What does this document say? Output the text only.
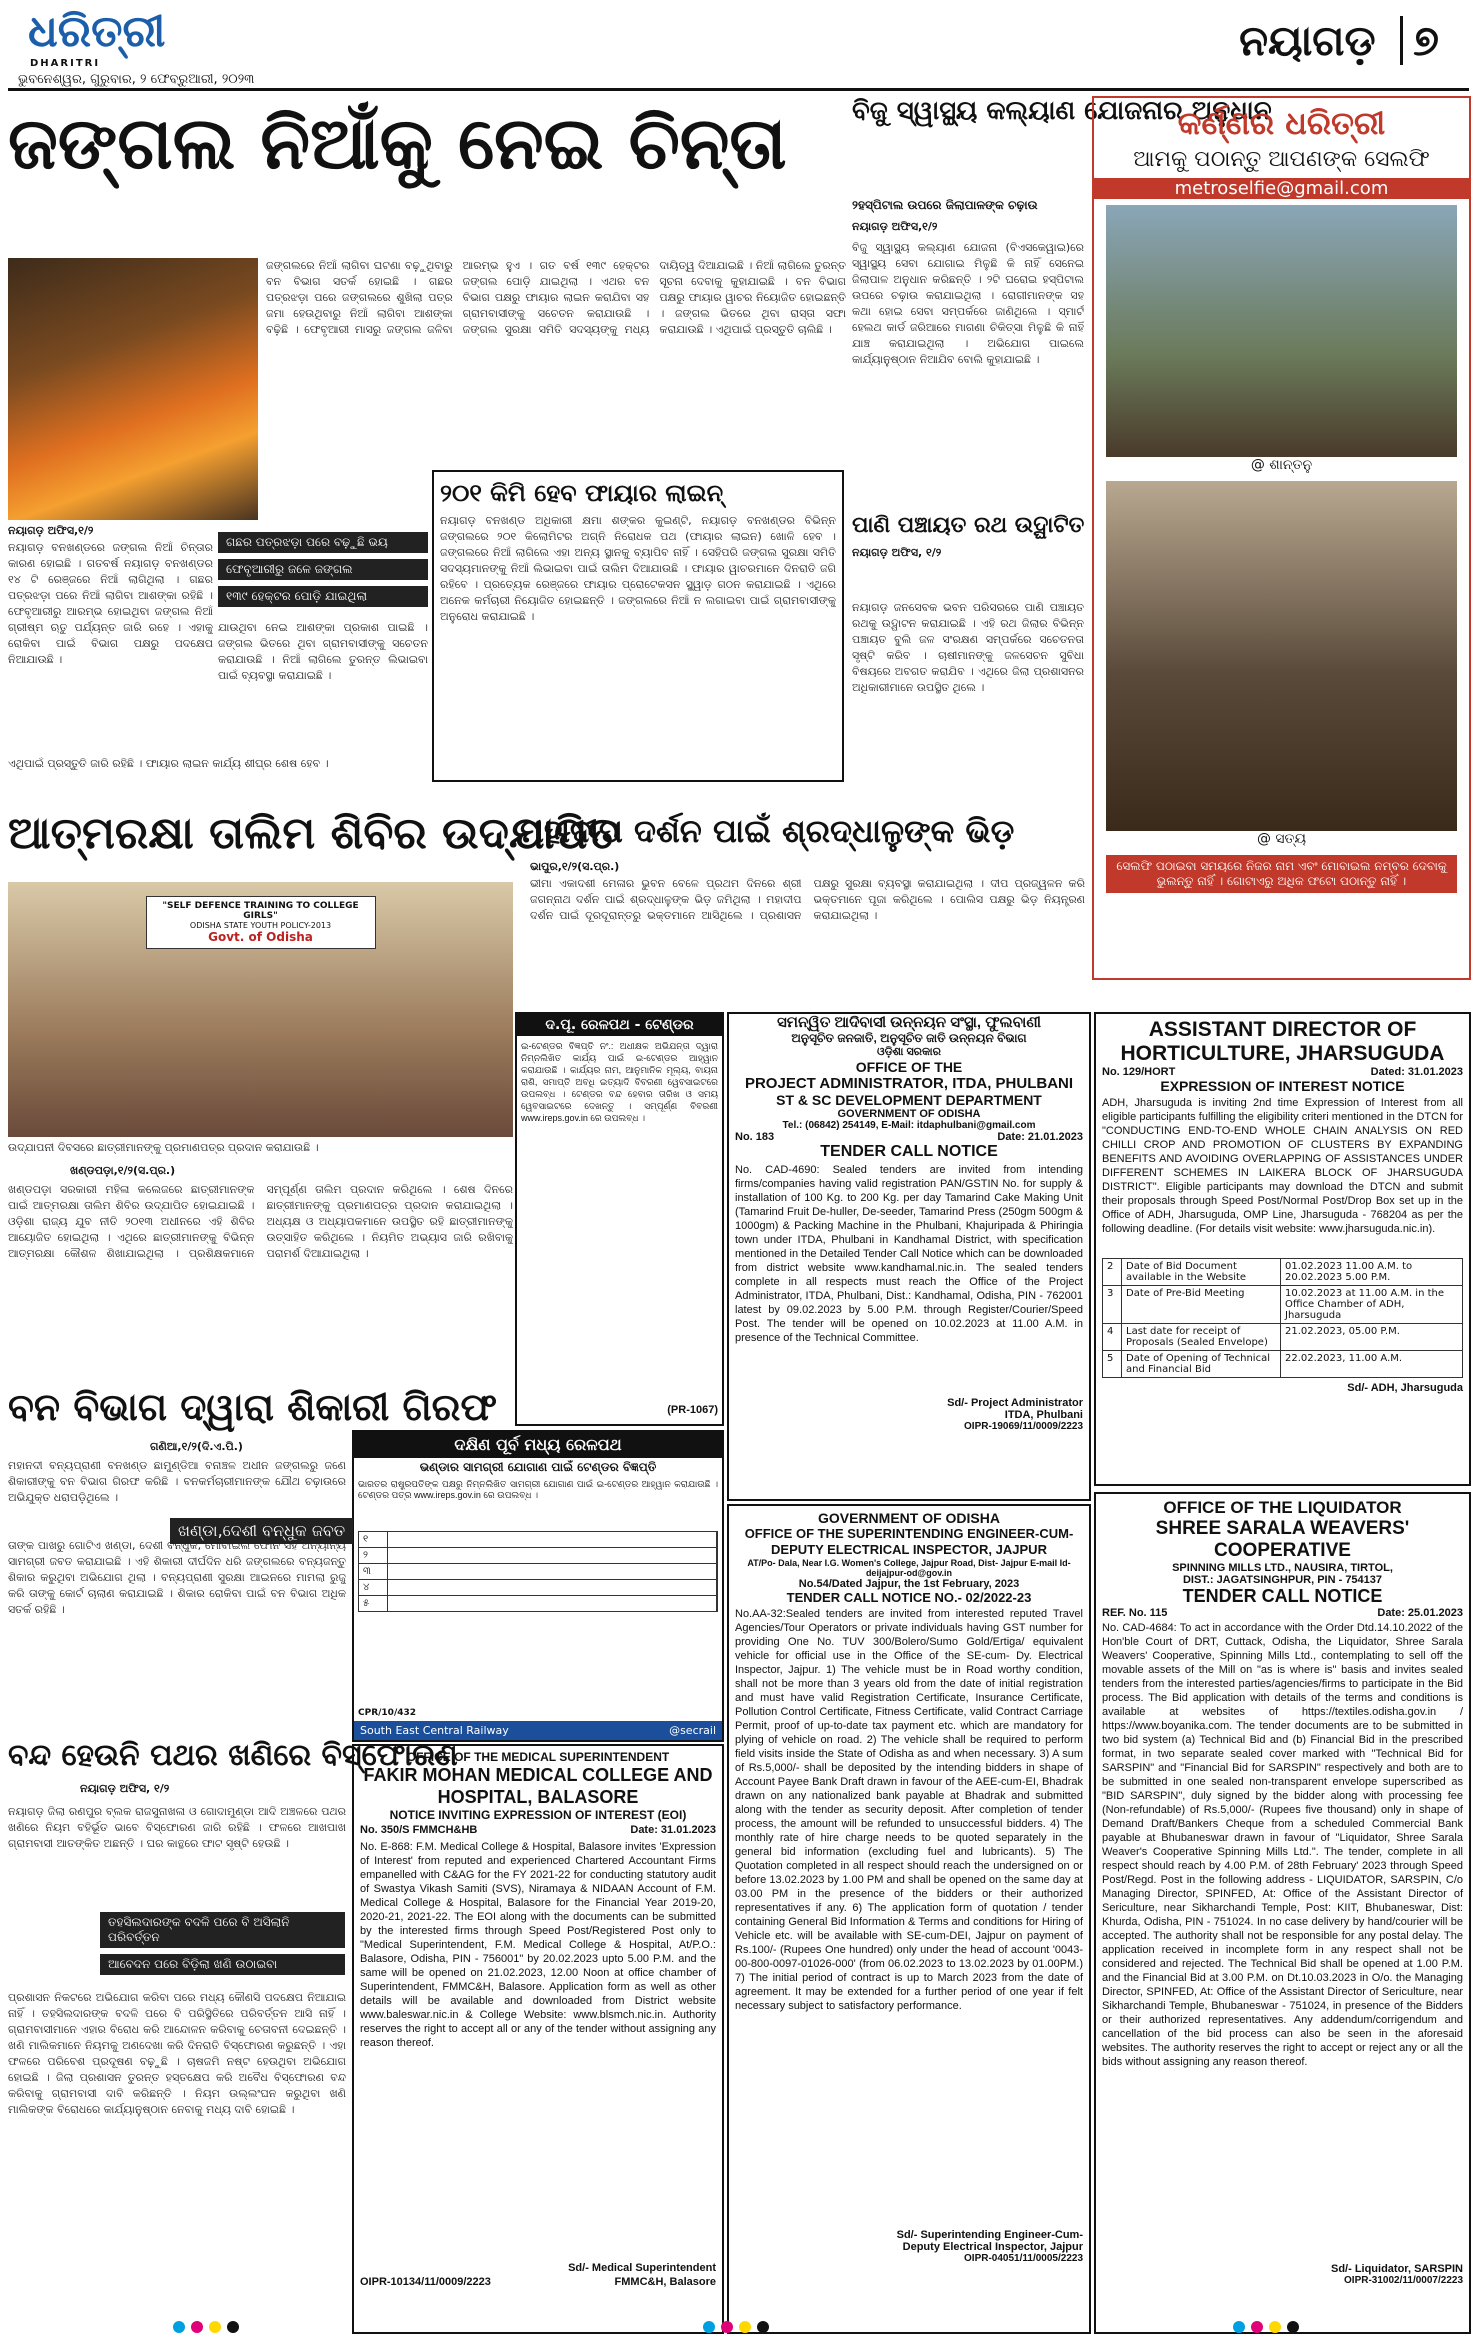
ଧରିତ୍ରୀ
DHARITRI
ଭୁବନେଶ୍ୱର, ଗୁରୁବାର, ୨ ଫେବ୍ରୁଆରୀ, ୨୦୨୩
ନୟାଗଡ଼ ୭
ଜଙ୍ଗଲ ନିଆଁକୁ ନେଇ ଚିନ୍ତା
ଜଙ୍ଗଲରେ ନିଆଁ ଲାଗିବା ଘଟଣା ବଢ଼ୁଥିବାରୁ ବନ ବିଭାଗ ସତର୍କ ହୋଇଛି । ଗଛର ପତ୍ରଝଡ଼ା ପରେ ଜଙ୍ଗଲରେ ଶୁଖିଲା ପତ୍ର ଜମା ହେଉଥିବାରୁ ନିଆଁ ଲାଗିବା ଆଶଙ୍କା ବଢ଼ିଛି । ଫେବୃଆରୀ ମାସରୁ ଜଙ୍ଗଲ ଜଳିବା ଆରମ୍ଭ ହୁଏ । ଗତ ବର୍ଷ ୧୩୯ ହେକ୍ଟର ଜଙ୍ଗଲ ପୋଡ଼ି ଯାଇଥିଲା । ଏଥର ବନ ବିଭାଗ ପକ୍ଷରୁ ଫାୟାର ଲାଇନ କରାଯିବା ସହ ଗ୍ରାମବାସୀଙ୍କୁ ସଚେତନ କରାଯାଉଛି । ଜଙ୍ଗଲ ସୁରକ୍ଷା ସମିତି ସଦସ୍ୟଙ୍କୁ ମଧ୍ୟ ଦାୟିତ୍ୱ ଦିଆଯାଇଛି । ନିଆଁ ଲାଗିଲେ ତୁରନ୍ତ ସୂଚନା ଦେବାକୁ କୁହାଯାଇଛି । ବନ ବିଭାଗ ପକ୍ଷରୁ ଫାୟାର ୱାଚର ନିୟୋଜିତ ହୋଇଛନ୍ତି । ଜଙ୍ଗଲ ଭିତରେ ଥିବା ରାସ୍ତା ସଫା କରାଯାଉଛି । ଏଥିପାଇଁ ପ୍ରସ୍ତୁତି ଚାଲିଛି ।
ନୟାଗଡ଼ ଅଫିସ,୧/୨
ନୟାଗଡ଼ ବନଖଣ୍ଡରେ ଜଙ୍ଗଲ ନିଆଁ ଚିନ୍ତାର କାରଣ ହୋଇଛି । ଗତବର୍ଷ ନୟାଗଡ଼ ବନଖଣ୍ଡର ୧୪ ଟି ରେଞ୍ଜରେ ନିଆଁ ଲାଗିଥିଲା । ଗଛର ପତ୍ରଝଡ଼ା ପରେ ନିଆଁ ଲାଗିବା ଆଶଙ୍କା ରହିଛି । ଫେବୃଆରୀରୁ ଆରମ୍ଭ ହୋଇଥିବା ଜଙ୍ଗଲ ନିଆଁ ଗ୍ରୀଷ୍ମ ଋତୁ ପର୍ଯ୍ୟନ୍ତ ଜାରି ରହେ । ଏହାକୁ ରୋକିବା ପାଇଁ ବିଭାଗ ପକ୍ଷରୁ ପଦକ୍ଷେପ ନିଆଯାଉଛି ।
ଗଛର ପତ୍ରଝଡ଼ା ପରେ ବଢ଼ୁଛି ଭୟ
ଫେବୃଆରୀରୁ ଜଳେ ଜଙ୍ଗଲ
୧୩୯ ହେକ୍ଟର ପୋଡ଼ି ଯାଇଥିଲା
ଯାଉଥିବା ନେଇ ଆଶଙ୍କା ପ୍ରକାଶ ପାଇଛି । ଜଙ୍ଗଲ ଭିତରେ ଥିବା ଗ୍ରାମବାସୀଙ୍କୁ ସଚେତନ କରାଯାଉଛି । ନିଆଁ ଲାଗିଲେ ତୁରନ୍ତ ଲିଭାଇବା ପାଇଁ ବ୍ୟବସ୍ଥା କରାଯାଇଛି ।
୨୦୧ କିମି ହେବ ଫାୟାର ଲାଇନ୍
ନୟାଗଡ଼ ବନଖଣ୍ଡ ଅଧିକାରୀ କ୍ଷମା ଶଙ୍କର କୁଇଣ୍ଟି, ନୟାଗଡ଼ ବନଖଣ୍ଡର ବିଭିନ୍ନ ଜଙ୍ଗଲରେ ୨୦୧ କିଲୋମିଟର ଅଗ୍ନି ନିରୋଧକ ପଥ (ଫାୟାର ଲାଇନ) ଖୋଳି ହେବ । ଜଙ୍ଗଲରେ ନିଆଁ ଲାଗିଲେ ଏହା ଅନ୍ୟ ସ୍ଥାନକୁ ବ୍ୟାପିବ ନାହିଁ । ସେହିପରି ଜଙ୍ଗଲ ସୁରକ୍ଷା ସମିତି ସଦସ୍ୟମାନଙ୍କୁ ନିଆଁ ଲିଭାଇବା ପାଇଁ ତାଲିମ ଦିଆଯାଉଛି । ଫାୟାର ୱାଚରମାନେ ଦିନରାତି ଜଗି ରହିବେ । ପ୍ରତ୍ୟେକ ରେଞ୍ଜରେ ଫାୟାର ପ୍ରୋଟେକସନ ସ୍କ୍ୱାଡ଼ ଗଠନ କରାଯାଇଛି । ଏଥିରେ ଅନେକ କର୍ମଚାରୀ ନିୟୋଜିତ ହୋଇଛନ୍ତି । ଜଙ୍ଗଲରେ ନିଆଁ ନ ଲଗାଇବା ପାଇଁ ଗ୍ରାମବାସୀଙ୍କୁ ଅନୁରୋଧ କରାଯାଇଛି ।
ଏଥିପାଇଁ ପ୍ରସ୍ତୁତି ଜାରି ରହିଛି । ଫାୟାର ଲାଇନ କାର୍ଯ୍ୟ ଶୀଘ୍ର ଶେଷ ହେବ ।
ବିଜୁ ସ୍ୱାସ୍ଥ୍ୟ କଲ୍ୟାଣ ଯୋଜନାର ଅନୁଧାନ
୨ହସ୍ପିଟାଲ ଉପରେ ଜିଲାପାଳଙ୍କ ଚଢ଼ାଉ
ନୟାଗଡ଼ ଅଫିସ,୧/୨
ବିଜୁ ସ୍ୱାସ୍ଥ୍ୟ କଲ୍ୟାଣ ଯୋଜନା (ବିଏସକେୱାଇ)ରେ ସ୍ୱାସ୍ଥ୍ୟ ସେବା ଯୋଗାଇ ମିଳୁଛି କି ନାହିଁ ସେନେଇ ଜିଲାପାଳ ଅନୁଧାନ କରିଛନ୍ତି । ୨ଟି ଘରୋଇ ହସ୍ପିଟାଲ ଉପରେ ଚଢ଼ାଉ କରାଯାଇଥିଲା । ରୋଗୀମାନଙ୍କ ସହ କଥା ହୋଇ ସେବା ସମ୍ପର୍କରେ ଜାଣିଥିଲେ । ସ୍ମାର୍ଟ ହେଲଥ କାର୍ଡ ଜରିଆରେ ମାଗଣା ଚିକିତ୍ସା ମିଳୁଛି କି ନାହିଁ ଯାଞ୍ଚ କରାଯାଇଥିଲା । ଅଭିଯୋଗ ପାଇଲେ କାର୍ଯ୍ୟାନୁଷ୍ଠାନ ନିଆଯିବ ବୋଲି କୁହାଯାଇଛି ।
ପାଣି ପଞ୍ଚାୟତ ରଥ ଉଦ୍ଘାଟିତ
ନୟାଗଡ଼ ଅଫିସ, ୧/୨
ନୟାଗଡ଼ ଜନସେବକ ଭବନ ପରିସରରେ ପାଣି ପଞ୍ଚାୟତ ରଥକୁ ଉଦ୍ଘାଟନ କରାଯାଇଛି । ଏହି ରଥ ଜିଲାର ବିଭିନ୍ନ ପଞ୍ଚାୟତ ବୁଲି ଜଳ ସଂରକ୍ଷଣ ସମ୍ପର୍କରେ ସଚେତନତା ସୃଷ୍ଟି କରିବ । ଚାଷୀମାନଙ୍କୁ ଜଳସେଚନ ସୁବିଧା ବିଷୟରେ ଅବଗତ କରାଯିବ । ଏଥିରେ ଜିଲା ପ୍ରଶାସନର ଅଧିକାରୀମାନେ ଉପସ୍ଥିତ ଥିଲେ ।
କର୍ଣ୍ଣର ଧରିତ୍ରୀ
ଆମକୁ ପଠାନ୍ତୁ ଆପଣଙ୍କ ସେଲଫି
metroselfie@gmail.com
@ ଶାନ୍ତନୁ
@ ସତ୍ୟ
ସେଲଫି ପଠାଇବା ସମୟରେ ନିଜର ନାମ ଏବଂ ମୋବାଇଲ ନମ୍ବର ଦେବାକୁ ଭୁଲନ୍ତୁ ନାହିଁ । ଗୋଟାଏରୁ ଅଧିକ ଫଟୋ ପଠାନ୍ତୁ ନାହିଁ ।
ଆତ୍ମରକ୍ଷା ତାଲିମ ଶିବିର ଉଦ୍ଯାପିତ
"SELF DEFENCE TRAINING TO COLLEGE GIRLS"
ODISHA STATE YOUTH POLICY-2013
Govt. of Odisha
ଉଦ୍ଯାପନୀ ଦିବସରେ ଛାତ୍ରୀମାନଙ୍କୁ ପ୍ରମାଣପତ୍ର ପ୍ରଦାନ କରାଯାଉଛି ।
ଖଣ୍ଡପଡ଼ା,୧/୨(ସ.ପ୍ର.)
ଖଣ୍ଡପଡ଼ା ସରକାରୀ ମହିଳା କଲେଜରେ ଛାତ୍ରୀମାନଙ୍କ ପାଇଁ ଆତ୍ମରକ୍ଷା ତାଲିମ ଶିବିର ଉଦ୍ଯାପିତ ହୋଇଯାଇଛି । ଓଡ଼ିଶା ରାଜ୍ୟ ଯୁବ ନୀତି ୨୦୧୩ ଅଧୀନରେ ଏହି ଶିବିର ଆୟୋଜିତ ହୋଇଥିଲା । ଏଥିରେ ଛାତ୍ରୀମାନଙ୍କୁ ବିଭିନ୍ନ ଆତ୍ମରକ୍ଷା କୌଶଳ ଶିଖାଯାଇଥିଲା । ପ୍ରଶିକ୍ଷକମାନେ ସମ୍ପୂର୍ଣ୍ଣ ତାଲିମ ପ୍ରଦାନ କରିଥିଲେ । ଶେଷ ଦିନରେ ଛାତ୍ରୀମାନଙ୍କୁ ପ୍ରମାଣପତ୍ର ପ୍ରଦାନ କରାଯାଇଥିଲା । ଅଧ୍ୟକ୍ଷ ଓ ଅଧ୍ୟାପକମାନେ ଉପସ୍ଥିତ ରହି ଛାତ୍ରୀମାନଙ୍କୁ ଉତ୍ସାହିତ କରିଥିଲେ । ନିୟମିତ ଅଭ୍ୟାସ ଜାରି ରଖିବାକୁ ପରାମର୍ଶ ଦିଆଯାଇଥିଲା ।
ମହାଦୀପ ଦର୍ଶନ ପାଇଁ ଶ୍ରଦ୍ଧାଳୁଙ୍କ ଭିଡ଼
ଭାପୁର,୧/୨(ସ.ପ୍ର.)
ଭୀମା ଏକାଦଶୀ ମେଳାର ଭୁବନ ବେଳେ ପ୍ରଥମ ଦିନରେ ଶ୍ରୀ ଜଗନ୍ନାଥ ଦର୍ଶନ ପାଇଁ ଶ୍ରଦ୍ଧାଳୁଙ୍କ ଭିଡ଼ ଜମିଥିଲା । ମହାଦୀପ ଦର୍ଶନ ପାଇଁ ଦୂରଦୂରାନ୍ତରୁ ଭକ୍ତମାନେ ଆସିଥିଲେ । ପ୍ରଶାସନ ପକ୍ଷରୁ ସୁରକ୍ଷା ବ୍ୟବସ୍ଥା କରାଯାଇଥିଲା । ଦୀପ ପ୍ରଜ୍ୱଳନ କରି ଭକ୍ତମାନେ ପୂଜା କରିଥିଲେ । ପୋଲିସ ପକ୍ଷରୁ ଭିଡ଼ ନିୟନ୍ତ୍ରଣ କରାଯାଇଥିଲା ।
ଦ.ପୂ. ରେଳପଥ - ଟେଣ୍ଡର
ଇ-ଟେଣ୍ଡର ବିଜ୍ଞପ୍ତି ନଂ.: ଅଧୀକ୍ଷକ ଅଭିଯନ୍ତା ଦ୍ୱାରା ନିମ୍ନଲିଖିତ କାର୍ଯ୍ୟ ପାଇଁ ଇ-ଟେଣ୍ଡର ଆହ୍ୱାନ କରାଯାଉଛି । କାର୍ଯ୍ୟର ନାମ, ଆନୁମାନିକ ମୂଲ୍ୟ, ବାୟନା ରାଶି, ସମାପ୍ତି ଅବଧି ଇତ୍ୟାଦି ବିବରଣୀ ୱେବସାଇଟରେ ଉପଲବ୍ଧ । ଟେଣ୍ଡର ବନ୍ଦ ହେବାର ତାରିଖ ଓ ସମୟ ୱେବସାଇଟରେ ଦେଖନ୍ତୁ । ସମ୍ପୂର୍ଣ୍ଣ ବିବରଣୀ www.ireps.gov.in ରେ ଉପଲବ୍ଧ ।
(PR-1067)
ଦକ୍ଷିଣ ପୂର୍ବ ମଧ୍ୟ ରେଳପଥ
ଭଣ୍ଡାର ସାମଗ୍ରୀ ଯୋଗାଣ ପାଇଁ ଟେଣ୍ଡର ବିଜ୍ଞପ୍ତି
ଭାରତର ରାଷ୍ଟ୍ରପତିଙ୍କ ପକ୍ଷରୁ ନିମ୍ନଲିଖିତ ସାମଗ୍ରୀ ଯୋଗାଣ ପାଇଁ ଇ-ଟେଣ୍ଡର ଆହ୍ୱାନ କରାଯାଉଛି । ଟେଣ୍ଡର ପତ୍ର www.ireps.gov.in ରେ ଉପଲବ୍ଧ ।
୧

୨

୩

୪

୫

CPR/10/432
South East Central Railway	@secrail
OFFICE OF THE MEDICAL SUPERINTENDENT
FAKIR MOHAN MEDICAL COLLEGE AND HOSPITAL, BALASORE
NOTICE INVITING EXPRESSION OF INTEREST (EOI)
No. 350/S FMMCH&HB	Date: 31.01.2023
No. E-868: F.M. Medical College & Hospital, Balasore invites 'Expression of Interest' from reputed and experienced Chartered Accountant Firms empanelled with C&AG for the FY 2021-22 for conducting statutory audit of Swastya Vikash Samiti (SVS), Niramaya & NIDAAN Account of F.M. Medical College & Hospital, Balasore for the Financial Year 2019-20, 2020-21, 2021-22. The EOI along with the documents can be submitted by the interested firms through Speed Post/Registered Post only to "Medical Superintendent, F.M. Medical College & Hospital, At/P.O.: Balasore, Odisha, PIN - 756001" by 20.02.2023 upto 5.00 P.M. and the same will be opened on 21.02.2023, 12.00 Noon at office chamber of Superintendent, FMMC&H, Balasore. Application form as well as other details will be available and downloaded from District website www.baleswar.nic.in & College Website: www.blsmch.nic.in. Authority reserves the right to accept all or any of the tender without assigning any reason thereof.
Sd/- Medical Superintendent
OIPR-10134/11/0009/2223	FMMC&H, Balasore
ସମନ୍ୱିତ ଆଦିବାସୀ ଉନ୍ନୟନ ସଂସ୍ଥା, ଫୁଲବାଣୀ
ଅନୁସୂଚିତ ଜନଜାତି, ଅନୁସୂଚିତ ଜାତି ଉନ୍ନୟନ ବିଭାଗ
ଓଡ଼ିଶା ସରକାର
OFFICE OF THE
PROJECT ADMINISTRATOR, ITDA, PHULBANI
ST & SC DEVELOPMENT DEPARTMENT
GOVERNMENT OF ODISHA
Tel.: (06842) 254149, E-Mail: itdaphulbani@gmail.com
No. 183	Date: 21.01.2023
TENDER CALL NOTICE
No. CAD-4690: Sealed tenders are invited from intending firms/companies having valid registration PAN/GSTIN No. for supply & installation of 100 Kg. to 200 Kg. per day Tamarind Cake Making Unit (Tamarind Fruit De-huller, De-seeder, Tamarind Press (250gm 500gm & 1000gm) & Packing Machine in the Phulbani, Khajuripada & Phiringia town under ITDA, Phulbani in Kandhamal District, with specification mentioned in the Detailed Tender Call Notice which can be downloaded from district website www.kandhamal.nic.in. The sealed tenders complete in all respects must reach the Office of the Project Administrator, ITDA, Phulbani, Dist.: Kandhamal, Odisha, PIN - 762001 latest by 09.02.2023 by 5.00 P.M. through Register/Courier/Speed Post. The tender will be opened on 10.02.2023 at 11.00 A.M. in presence of the Technical Committee.
Sd/- Project Administrator
ITDA, Phulbani
OIPR-19069/11/0009/2223
GOVERNMENT OF ODISHA
OFFICE OF THE SUPERINTENDING ENGINEER-CUM-DEPUTY ELECTRICAL INSPECTOR, JAJPUR
AT/Po- Dala, Near I.G. Women's College, Jajpur Road, Dist- Jajpur E-mail Id- deijajpur-od@gov.in
No.54/Dated Jajpur, the 1st February, 2023
TENDER CALL NOTICE NO.- 02/2022-23
No.AA-32:Sealed tenders are invited from interested reputed Travel Agencies/Tour Operators or private individuals having GST number for providing One No. TUV 300/Bolero/Sumo Gold/Ertiga/ equivalent vehicle for official use in the Office of the SE-cum- Dy. Electrical Inspector, Jajpur. 1) The vehicle must be in Road worthy condition, shall not be more than 3 years old from the date of initial registration and must have valid Registration Certificate, Insurance Certificate, Pollution Control Certificate, Fitness Certificate, valid Contract Carriage Permit, proof of up-to-date tax payment etc. which are mandatory for plying of vehicle on road. 2) The vehicle shall be required to perform field visits inside the State of Odisha as and when necessary. 3) A sum of Rs.5,000/- shall be deposited by the intending bidders in shape of Account Payee Bank Draft drawn in favour of the AEE-cum-EI, Bhadrak drawn on any nationalized bank payable at Bhadrak and submitted along with the tender as security deposit. After completion of tender process, the amount will be refunded to unsuccessful bidders. 4) The monthly rate of hire charge needs to be quoted separately in the general bid information (excluding fuel and lubricants). 5) The Quotation completed in all respect should reach the undersigned on or before 13.02.2023 by 1.00 PM and shall be opened on the same day at 03.00 PM in the presence of the bidders or their authorized representatives if any. 6) The application form of quotation / tender containing General Bid Information & Terms and conditions for Hiring of Vehicle etc. will be available with SE-cum-DEI, Jajpur on payment of Rs.100/- (Rupees One hundred) only under the head of account '0043-00-800-0097-01026-000' (from 06.02.2023 to 13.02.2023 by 01.00PM.) 7) The initial period of contract is up to March 2023 from the date of agreement. It may be extended for a further period of one year if felt necessary subject to satisfactory performance.
Sd/- Superintending Engineer-Cum-
Deputy Electrical Inspector, Jajpur
OIPR-04051/11/0005/2223
ASSISTANT DIRECTOR OF HORTICULTURE, JHARSUGUDA
No. 129/HORT	Dated: 31.01.2023
EXPRESSION OF INTEREST NOTICE
ADH, Jharsuguda is inviting 2nd time Expression of Interest from all eligible participants fulfilling the eligibility criteri mentioned in the DTCN for "CONDUCTING END-TO-END WHOLE CHAIN ANALYSIS ON RED CHILLI CROP AND PROMOTION OF CLUSTERS BY EXPANDING BENEFITS AND AVOIDING OVERLAPPING OF ASSISTANCES UNDER DIFFERENT SCHEMES IN LAIKERA BLOCK OF JHARSUGUDA DISTRICT". Eligible participants may download the DTCN and submit their proposals through Speed Post/Normal Post/Drop Box set up in the Office of ADH, Jharsuguda, OMP Line, Jharsuguda - 768204 as per the following deadline. (For details visit website: www.jharsuguda.nic.in).
2	Date of Bid Document available in the Website
01.02.2023 11.00 A.M. to 20.02.2023 5.00 P.M.
3	Date of Pre-Bid Meeting	10.02.2023 at 11.00 A.M. in the Office Chamber of ADH, Jharsuguda
4	Last date for receipt of Proposals (Sealed Envelope)
21.02.2023, 05.00 P.M.
5	Date of Opening of Technical and Financial Bid
22.02.2023, 11.00 A.M.
Sd/- ADH, Jharsuguda
OFFICE OF THE LIQUIDATOR
SHREE SARALA WEAVERS' COOPERATIVE
SPINNING MILLS LTD., NAUSIRA, TIRTOL,
DIST.: JAGATSINGHPUR, PIN - 754137
TENDER CALL NOTICE
REF. No. 115	Date: 25.01.2023
No. CAD-4684: To act in accordance with the Order Dtd.14.10.2022 of the Hon'ble Court of DRT, Cuttack, Odisha, the Liquidator, Shree Sarala Weavers' Cooperative, Spinning Mills Ltd., contemplating to sell off the movable assets of the Mill on "as is where is" basis and invites sealed tenders from the interested parties/agencies/firms to participate in the Bid process. The Bid application with details of the terms and conditions is available at websites of https://textiles.odisha.gov.in / https://www.boyanika.com. The tender documents are to be submitted in two bid system (a) Technical Bid and (b) Financial Bid in the prescribed format, in two separate sealed cover marked with "Technical Bid for SARSPIN" and "Financial Bid for SARSPIN" respectively and both are to be submitted in one sealed non-transparent envelope superscribed as "BID SARSPIN", duly signed by the bidder along with processing fee (Non-refundable) of Rs.5,000/- (Rupees five thousand) only in shape of Demand Draft/Bankers Cheque from a scheduled Commercial Bank payable at Bhubaneswar drawn in favour of "Liquidator, Shree Sarala Weaver's Cooperative Spinning Mills Ltd.". The tender, complete in all respect should reach by 4.00 P.M. of 28th February' 2023 through Speed Post/Regd. Post in the following address - LIQUIDATOR, SARSPIN, C/o Managing Director, SPINFED, At: Office of the Assistant Director of Sericulture, near Sikharchandi Temple, Post: KIIT, Bhubaneswar, Dist: Khurda, Odisha, PIN - 751024. In no case delivery by hand/courier will be accepted. The authority shall not be responsible for any postal delay. The application received in incomplete form in any respect shall not be considered and rejected. The Technical Bid shall be opened at 1.00 P.M. and the Financial Bid at 3.00 P.M. on Dt.10.03.2023 in O/o. the Managing Director, SPINFED, At: Office of the Assistant Director of Sericulture, near Sikharchandi Temple, Bhubaneswar - 751024, in presence of the Bidders or their authorized representatives. Any addendum/corrigendum and cancellation of the bid process can also be seen in the aforesaid websites. The authority reserves the right to accept or reject any or all the bids without assigning any reason thereof.
Sd/- Liquidator, SARSPIN
OIPR-31002/11/0007/2223
ବନ ବିଭାଗ ଦ୍ୱାରା ଶିକାରୀ ଗିରଫ
ଗଣିଆ,୧/୨(ଦି.ଏ.ପି.)
ଖଣ୍ଡା,ଦେଶୀ ବନ୍ଧୁକ ଜବତ
ମହାନଦୀ ବନ୍ୟପ୍ରାଣୀ ବନଖଣ୍ଡ ଛାମୁଣ୍ଡିଆ ବନାଞ୍ଚଳ ଅଧୀନ ଜଙ୍ଗଲରୁ ଜଣେ ଶିକାରୀଙ୍କୁ ବନ ବିଭାଗ ଗିରଫ କରିଛି । ବନକର୍ମଚାରୀମାନଙ୍କ ଯୌଥ ଚଢ଼ାଉରେ ଅଭିଯୁକ୍ତ ଧରାପଡ଼ିଥିଲେ ।

ତାଙ୍କ ପାଖରୁ ଗୋଟିଏ ଖଣ୍ଡା, ଦେଶୀ ବନ୍ଧୁକ, ମୋବାଇଲ ଫୋନ ସହ ଅନ୍ୟାନ୍ୟ ସାମଗ୍ରୀ ଜବତ କରାଯାଇଛି । ଏହି ଶିକାରୀ ଦୀର୍ଘଦିନ ଧରି ଜଙ୍ଗଲରେ ବନ୍ୟଜନ୍ତୁ ଶିକାର କରୁଥିବା ଅଭିଯୋଗ ଥିଲା । ବନ୍ୟପ୍ରାଣୀ ସୁରକ୍ଷା ଆଇନରେ ମାମଲା ରୁଜୁ କରି ତାଙ୍କୁ କୋର୍ଟ ଚାଲାଣ କରାଯାଇଛି । ଶିକାର ରୋକିବା ପାଇଁ ବନ ବିଭାଗ ଅଧିକ ସତର୍କ ରହିଛି ।
ବନ୍ଦ ହେଉନି ପଥର ଖଣିରେ ବିସ୍ଫୋରଣ
ନୟାଗଡ଼ ଅଫିସ, ୧/୨
ନୟାଗଡ଼ ଜିଲା ରଣପୁର ବ୍ଲକ ରାଜସୁନାଖଳା ଓ ଗୋଦାମୁଣ୍ଡା ଆଦି ଅଞ୍ଚଳରେ ପଥର ଖଣିରେ ନିୟମ ବହିର୍ଭୂତ ଭାବେ ବିସ୍ଫୋରଣ ଜାରି ରହିଛି । ଫଳରେ ଆଖପାଖ ଗ୍ରାମବାସୀ ଆତଙ୍କିତ ଅଛନ୍ତି । ଘର କାନ୍ଥରେ ଫାଟ ସୃଷ୍ଟି ହେଉଛି ।
ତହସିଲଦାରଙ୍କ ବଦଳି ପରେ ବି ଅସିଲାନି ପରିବର୍ତ୍ତନ
ଆବେଦନ ପରେ ବିଡ଼ିଲା ଖଣି ଉଠାଇବା
ପ୍ରଶାସନ ନିକଟରେ ଅଭିଯୋଗ କରିବା ପରେ ମଧ୍ୟ କୌଣସି ପଦକ୍ଷେପ ନିଆଯାଇ ନାହିଁ । ତହସିଲଦାରଙ୍କ ବଦଳି ପରେ ବି ପରିସ୍ଥିତିରେ ପରିବର୍ତ୍ତନ ଆସି ନାହିଁ । ଗ୍ରାମବାସୀମାନେ ଏହାର ବିରୋଧ କରି ଆନ୍ଦୋଳନ କରିବାକୁ ଚେତାବନୀ ଦେଇଛନ୍ତି । ଖଣି ମାଲିକମାନେ ନିୟମକୁ ଅଣଦେଖା କରି ଦିନରାତି ବିସ୍ଫୋରଣ କରୁଛନ୍ତି । ଏହା ଫଳରେ ପରିବେଶ ପ୍ରଦୂଷଣ ବଢ଼ୁଛି । ଚାଷଜମି ନଷ୍ଟ ହେଉଥିବା ଅଭିଯୋଗ ହୋଇଛି । ଜିଲା ପ୍ରଶାସନ ତୁରନ୍ତ ହସ୍ତକ୍ଷେପ କରି ଅବୈଧ ବିସ୍ଫୋରଣ ବନ୍ଦ କରିବାକୁ ଗ୍ରାମବାସୀ ଦାବି କରିଛନ୍ତି । ନିୟମ ଉଲ୍ଲଂଘନ କରୁଥିବା ଖଣି ମାଲିକଙ୍କ ବିରୋଧରେ କାର୍ଯ୍ୟାନୁଷ୍ଠାନ ନେବାକୁ ମଧ୍ୟ ଦାବି ହୋଇଛି ।
